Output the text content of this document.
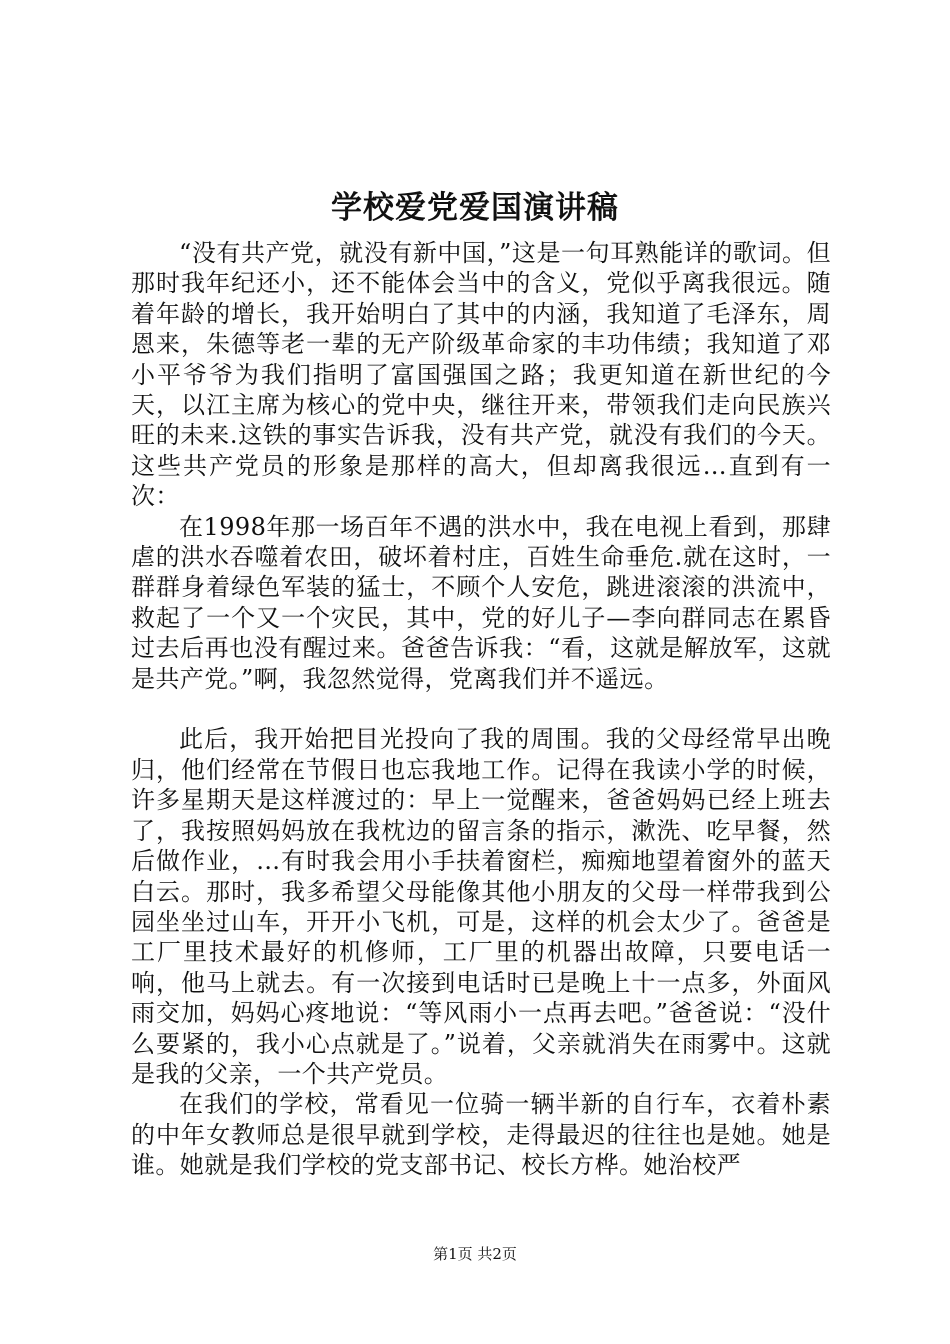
学校爱党爱国演讲稿

“没有共产党，就没有新中国，”这是一句耳熟能详的歌词。但那时我年纪还小，还不能体会当中的含义，党似乎离我很远。随着年龄的增长，我开始明白了其中的内涵，我知道了毛泽东，周恩来，朱德等老一辈的无产阶级革命家的丰功伟绩；我知道了邓小平爷爷为我们指明了富国强国之路；我更知道在新世纪的今天，以江主席为核心的党中央，继往开来，带领我们走向民族兴旺的未来.这铁的事实告诉我，没有共产党，就没有我们的今天。这些共产党员的形象是那样的高大，但却离我很远…直到有一次：

在1998年那一场百年不遇的洪水中，我在电视上看到，那肆虐的洪水吞噬着农田，破坏着村庄，百姓生命垂危.就在这时，一群群身着绿色军装的猛士，不顾个人安危，跳进滚滚的洪流中，救起了一个又一个灾民，其中，党的好儿子—李向群同志在累昏过去后再也没有醒过来。爸爸告诉我：“看，这就是解放军，这就是共产党。”啊，我忽然觉得，党离我们并不遥远。

此后，我开始把目光投向了我的周围。我的父母经常早出晚归，他们经常在节假日也忘我地工作。记得在我读小学的时候，许多星期天是这样渡过的：早上一觉醒来，爸爸妈妈已经上班去了，我按照妈妈放在我枕边的留言条的指示，漱洗、吃早餐，然后做作业，…有时我会用小手扶着窗栏，痴痴地望着窗外的蓝天白云。那时，我多希望父母能像其他小朋友的父母一样带我到公园坐坐过山车，开开小飞机，可是，这样的机会太少了。爸爸是工厂里技术最好的机修师，工厂里的机器出故障，只要电话一响，他马上就去。有一次接到电话时已是晚上十一点多，外面风雨交加，妈妈心疼地说：“等风雨小一点再去吧。”爸爸说：“没什么要紧的，我小心点就是了。”说着，父亲就消失在雨雾中。这就是我的父亲，一个共产党员。

在我们的学校，常看见一位骑一辆半新的自行车，衣着朴素的中年女教师总是很早就到学校，走得最迟的往往也是她。她是谁。她就是我们学校的党支部书记、校长方桦。她治校严

第1页 共2页
